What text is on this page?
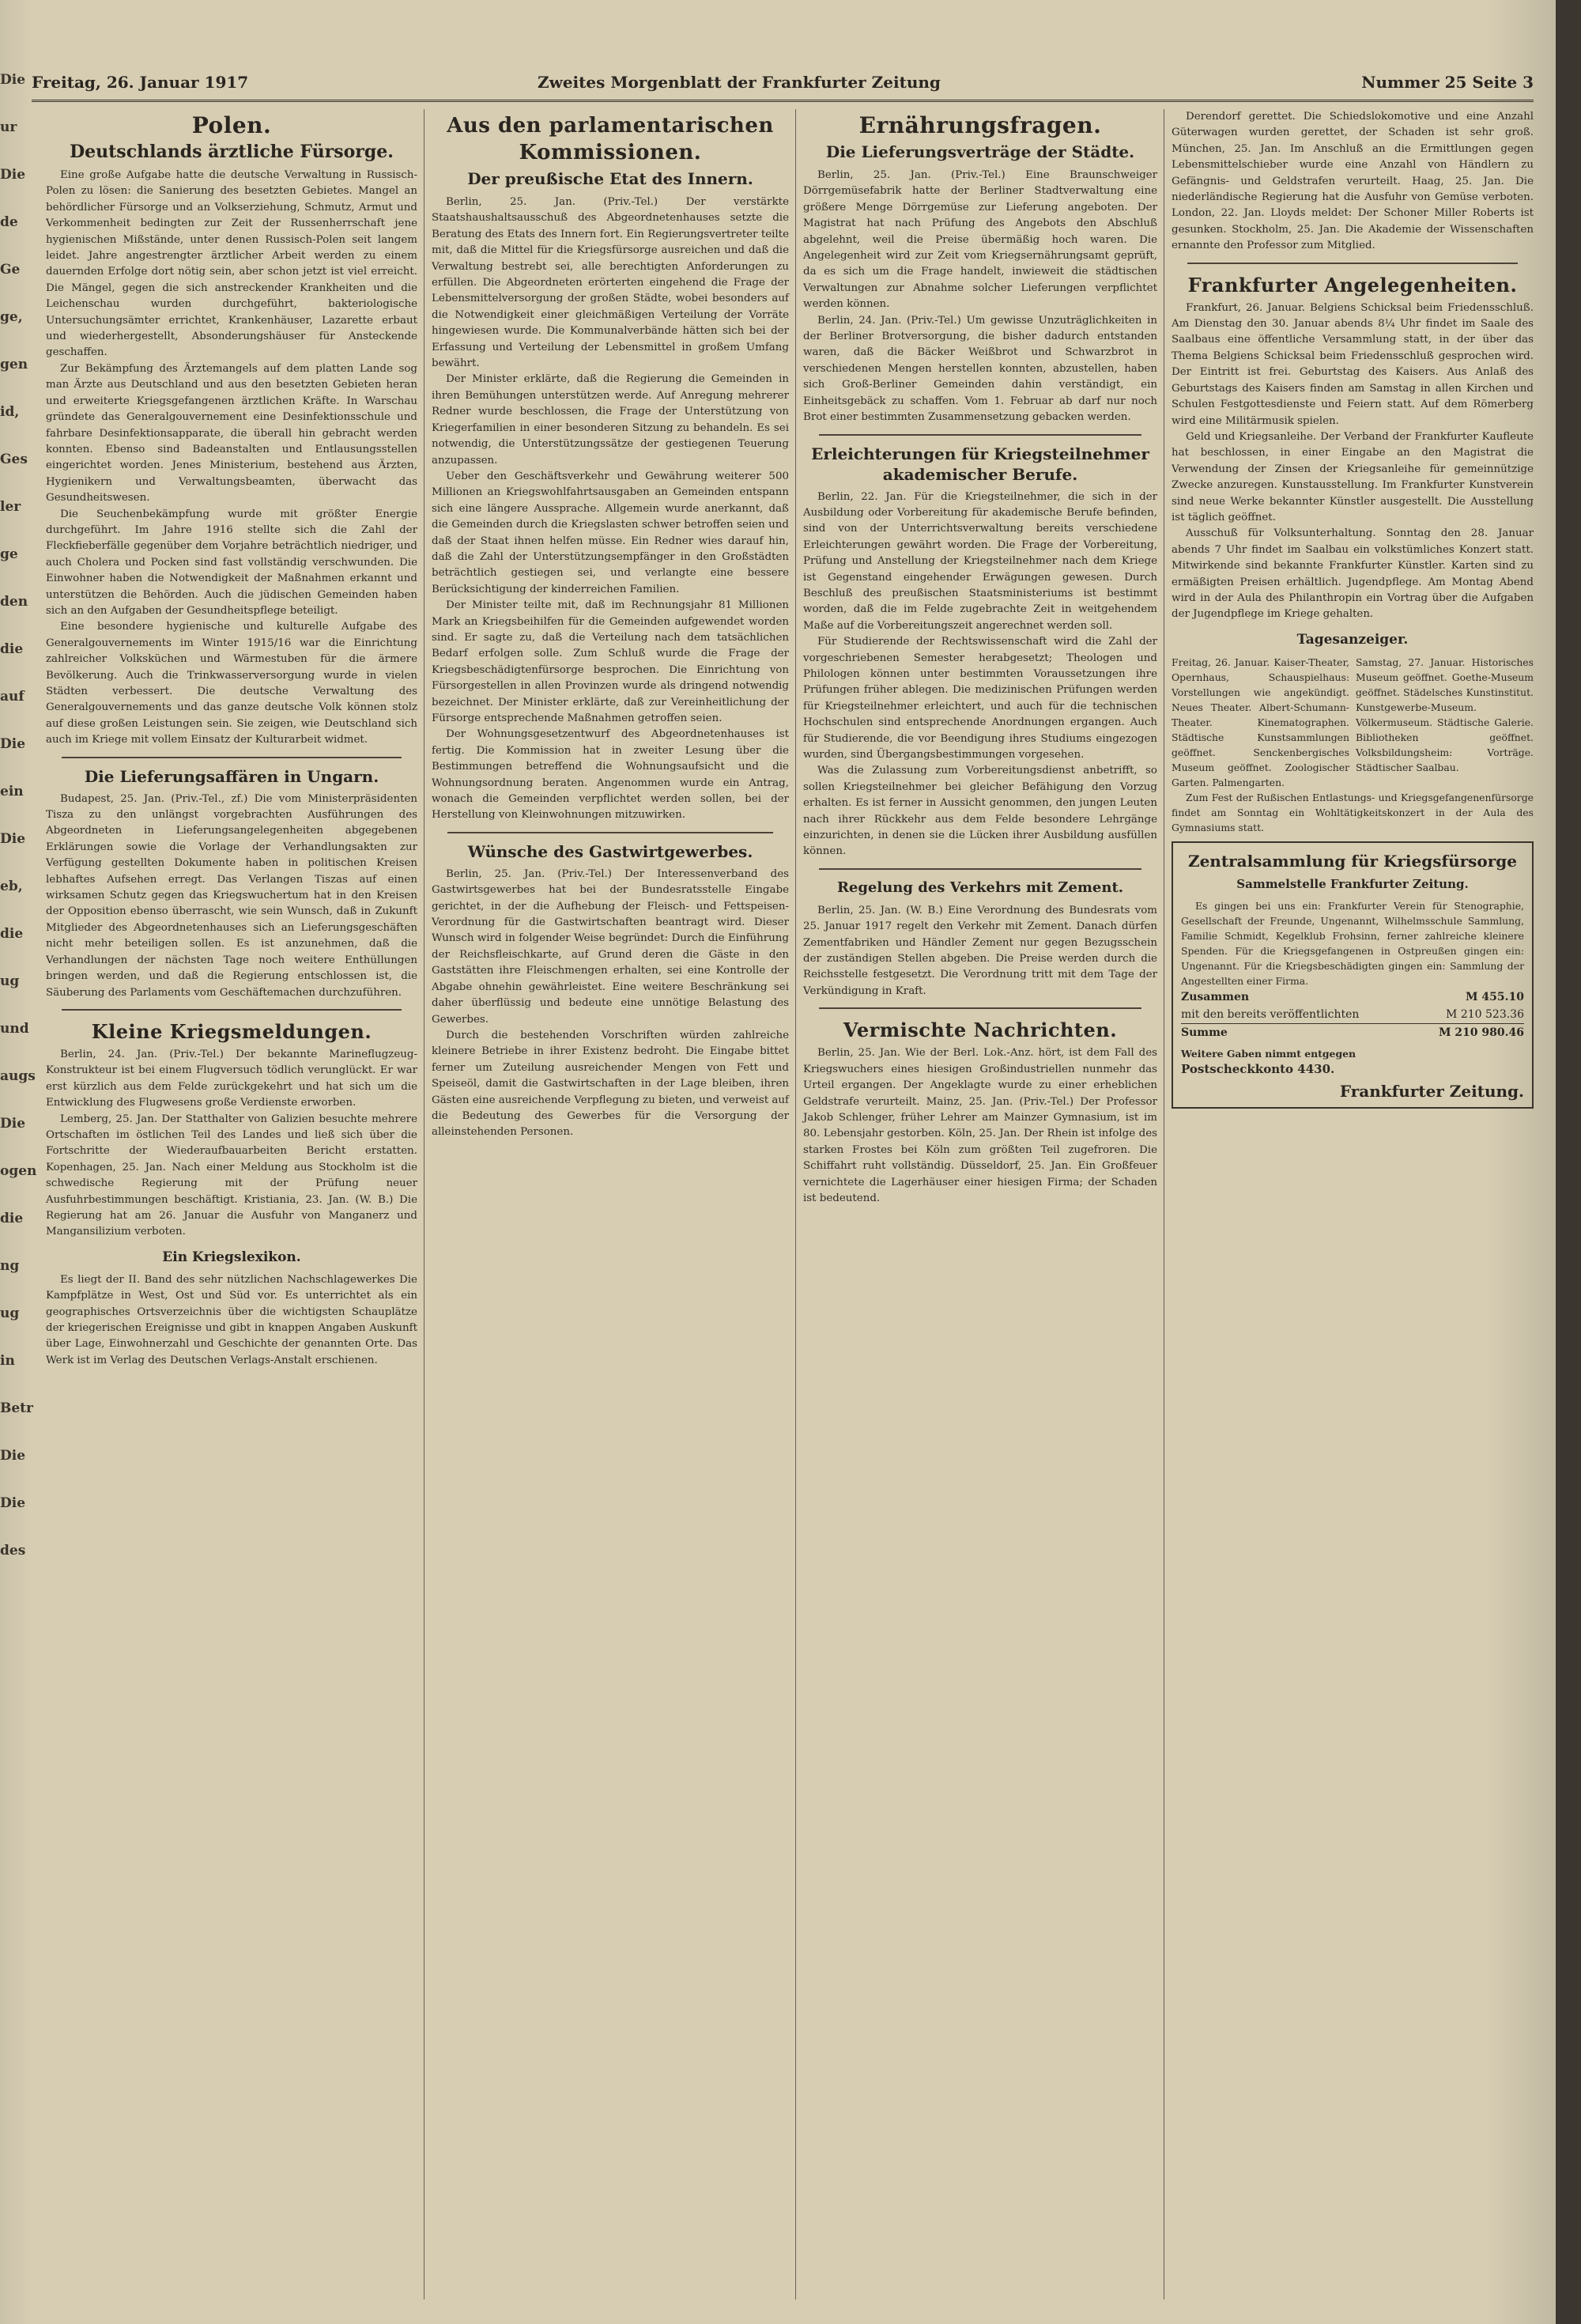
Die
ur
Die
de
Ge
ge,
gen
id,
Ges
ler
ge
den
die
auf
Die
ein
Die
eb,
die
ug
und
augs
Die
ogen
die
ng
ug
in
Betr
Die
Die
des
Freitag, 26. Januar 1917	Zweites Morgenblatt der Frankfurter Zeitung	Nummer 25 Seite 3
Polen.
Deutschlands ärztliche Fürsorge.

Eine große Aufgabe hatte die deutsche Verwaltung in Russisch-Polen zu lösen: die Sanierung des besetzten Gebietes. Mangel an behördlicher Fürsorge und an Volkserziehung, Schmutz, Armut und Verkommenheit bedingten zur Zeit der Russenherrschaft jene hygienischen Mißstände, unter denen Russisch-Polen seit langem leidet. Jahre angestrengter ärztlicher Arbeit werden zu einem dauernden Erfolge dort nötig sein, aber schon jetzt ist viel erreicht. Die Mängel, gegen die sich anstreckender Krankheiten und die Leichenschau wurden durchgeführt, bakteriologische Untersuchungsämter errichtet, Krankenhäuser, Lazarette erbaut und wiederhergestellt, Absonderungshäuser für Ansteckende geschaffen.

Zur Bekämpfung des Ärztemangels auf dem platten Lande sog man Ärzte aus Deutschland und aus den besetzten Gebieten heran und erweiterte Kriegsgefangenen ärztlichen Kräfte. In Warschau gründete das Generalgouvernement eine Desinfektionsschule und fahrbare Desinfektionsapparate, die überall hin gebracht werden konnten. Ebenso sind Badeanstalten und Entlausungsstellen eingerichtet worden. Jenes Ministerium, bestehend aus Ärzten, Hygienikern und Verwaltungsbeamten, überwacht das Gesundheitswesen.

Die Seuchenbekämpfung wurde mit größter Energie durchgeführt. Im Jahre 1916 stellte sich die Zahl der Fleckfieberfälle gegenüber dem Vorjahre beträchtlich niedriger, und auch Cholera und Pocken sind fast vollständig verschwunden. Die Einwohner haben die Notwendigkeit der Maßnahmen erkannt und unterstützen die Behörden. Auch die jüdischen Gemeinden haben sich an den Aufgaben der Gesundheitspflege beteiligt.

Eine besondere hygienische und kulturelle Aufgabe des Generalgouvernements im Winter 1915/16 war die Einrichtung zahlreicher Volksküchen und Wärmestuben für die ärmere Bevölkerung. Auch die Trinkwasserversorgung wurde in vielen Städten verbessert. Die deutsche Verwaltung des Generalgouvernements und das ganze deutsche Volk können stolz auf diese großen Leistungen sein. Sie zeigen, wie Deutschland sich auch im Kriege mit vollem Einsatz der Kulturarbeit widmet.

Die Lieferungsaffären in Ungarn.

Budapest, 25. Jan. (Priv.-Tel., zf.) Die vom Ministerpräsidenten Tisza zu den unlängst vorgebrachten Ausführungen des Abgeordneten in Lieferungsangelegenheiten abgegebenen Erklärungen sowie die Vorlage der Verhandlungsakten zur Verfügung gestellten Dokumente haben in politischen Kreisen lebhaftes Aufsehen erregt. Das Verlangen Tiszas auf einen wirksamen Schutz gegen das Kriegswuchertum hat in den Kreisen der Opposition ebenso überrascht, wie sein Wunsch, daß in Zukunft Mitglieder des Abgeordnetenhauses sich an Lieferungsgeschäften nicht mehr beteiligen sollen. Es ist anzunehmen, daß die Verhandlungen der nächsten Tage noch weitere Enthüllungen bringen werden, und daß die Regierung entschlossen ist, die Säuberung des Parlaments vom Geschäftemachen durchzuführen.

Kleine Kriegsmeldungen.

Berlin, 24. Jan. (Priv.-Tel.) Der bekannte Marineflugzeug-Konstrukteur ist bei einem Flugversuch tödlich verunglückt. Er war erst kürzlich aus dem Felde zurückgekehrt und hat sich um die Entwicklung des Flugwesens große Verdienste erworben.

Lemberg, 25. Jan. Der Statthalter von Galizien besuchte mehrere Ortschaften im östlichen Teil des Landes und ließ sich über die Fortschritte der Wiederaufbauarbeiten Bericht erstatten. Kopenhagen, 25. Jan. Nach einer Meldung aus Stockholm ist die schwedische Regierung mit der Prüfung neuer Ausfuhrbestimmungen beschäftigt. Kristiania, 23. Jan. (W. B.) Die Regierung hat am 26. Januar die Ausfuhr von Manganerz und Mangansilizium verboten.

Ein Kriegslexikon.

Es liegt der II. Band des sehr nützlichen Nachschlagewerkes Die Kampfplätze in West, Ost und Süd vor. Es unterrichtet als ein geographisches Ortsverzeichnis über die wichtigsten Schauplätze der kriegerischen Ereignisse und gibt in knappen Angaben Auskunft über Lage, Einwohnerzahl und Geschichte der genannten Orte. Das Werk ist im Verlag des Deutschen Verlags-Anstalt erschienen.

Aus den parlamentarischen Kommissionen.
Der preußische Etat des Innern.

Berlin, 25. Jan. (Priv.-Tel.) Der verstärkte Staatshaushaltsausschuß des Abgeordnetenhauses setzte die Beratung des Etats des Innern fort. Ein Regierungsvertreter teilte mit, daß die Mittel für die Kriegsfürsorge ausreichen und daß die Verwaltung bestrebt sei, alle berechtigten Anforderungen zu erfüllen. Die Abgeordneten erörterten eingehend die Frage der Lebensmittelversorgung der großen Städte, wobei besonders auf die Notwendigkeit einer gleichmäßigen Verteilung der Vorräte hingewiesen wurde. Die Kommunalverbände hätten sich bei der Erfassung und Verteilung der Lebensmittel in großem Umfang bewährt.

Der Minister erklärte, daß die Regierung die Gemeinden in ihren Bemühungen unterstützen werde. Auf Anregung mehrerer Redner wurde beschlossen, die Frage der Unterstützung von Kriegerfamilien in einer besonderen Sitzung zu behandeln. Es sei notwendig, die Unterstützungssätze der gestiegenen Teuerung anzupassen.

Ueber den Geschäftsverkehr und Gewährung weiterer 500 Millionen an Kriegswohlfahrtsausgaben an Gemeinden entspann sich eine längere Aussprache. Allgemein wurde anerkannt, daß die Gemeinden durch die Kriegslasten schwer betroffen seien und daß der Staat ihnen helfen müsse. Ein Redner wies darauf hin, daß die Zahl der Unterstützungsempfänger in den Großstädten beträchtlich gestiegen sei, und verlangte eine bessere Berücksichtigung der kinderreichen Familien.

Der Minister teilte mit, daß im Rechnungsjahr 81 Millionen Mark an Kriegsbeihilfen für die Gemeinden aufgewendet worden sind. Er sagte zu, daß die Verteilung nach dem tatsächlichen Bedarf erfolgen solle. Zum Schluß wurde die Frage der Kriegsbeschädigtenfürsorge besprochen. Die Einrichtung von Fürsorgestellen in allen Provinzen wurde als dringend notwendig bezeichnet. Der Minister erklärte, daß zur Vereinheitlichung der Fürsorge entsprechende Maßnahmen getroffen seien.

Der Wohnungsgesetzentwurf des Abgeordnetenhauses ist fertig. Die Kommission hat in zweiter Lesung über die Bestimmungen betreffend die Wohnungsaufsicht und die Wohnungsordnung beraten. Angenommen wurde ein Antrag, wonach die Gemeinden verpflichtet werden sollen, bei der Herstellung von Kleinwohnungen mitzuwirken.

Wünsche des Gastwirtgewerbes.

Berlin, 25. Jan. (Priv.-Tel.) Der Interessenverband des Gastwirtsgewerbes hat bei der Bundesratsstelle Eingabe gerichtet, in der die Aufhebung der Fleisch- und Fettspeisen-Verordnung für die Gastwirtschaften beantragt wird. Dieser Wunsch wird in folgender Weise begründet: Durch die Einführung der Reichsfleischkarte, auf Grund deren die Gäste in den Gaststätten ihre Fleischmengen erhalten, sei eine Kontrolle der Abgabe ohnehin gewährleistet. Eine weitere Beschränkung sei daher überflüssig und bedeute eine unnötige Belastung des Gewerbes.

Durch die bestehenden Vorschriften würden zahlreiche kleinere Betriebe in ihrer Existenz bedroht. Die Eingabe bittet ferner um Zuteilung ausreichender Mengen von Fett und Speiseöl, damit die Gastwirtschaften in der Lage bleiben, ihren Gästen eine ausreichende Verpflegung zu bieten, und verweist auf die Bedeutung des Gewerbes für die Versorgung der alleinstehenden Personen.

Ernährungsfragen.
Die Lieferungsverträge der Städte.

Berlin, 25. Jan. (Priv.-Tel.) Eine Braunschweiger Dörrgemüsefabrik hatte der Berliner Stadtverwaltung eine größere Menge Dörrgemüse zur Lieferung angeboten. Der Magistrat hat nach Prüfung des Angebots den Abschluß abgelehnt, weil die Preise übermäßig hoch waren. Die Angelegenheit wird zur Zeit vom Kriegsernährungsamt geprüft, da es sich um die Frage handelt, inwieweit die städtischen Verwaltungen zur Abnahme solcher Lieferungen verpflichtet werden können.

Berlin, 24. Jan. (Priv.-Tel.) Um gewisse Unzuträglichkeiten in der Berliner Brotversorgung, die bisher dadurch entstanden waren, daß die Bäcker Weißbrot und Schwarzbrot in verschiedenen Mengen herstellen konnten, abzustellen, haben sich Groß-Berliner Gemeinden dahin verständigt, ein Einheitsgebäck zu schaffen. Vom 1. Februar ab darf nur noch Brot einer bestimmten Zusammensetzung gebacken werden.

Erleichterungen für Kriegsteilnehmer akademischer Berufe.

Berlin, 22. Jan. Für die Kriegsteilnehmer, die sich in der Ausbildung oder Vorbereitung für akademische Berufe befinden, sind von der Unterrichtsverwaltung bereits verschiedene Erleichterungen gewährt worden. Die Frage der Vorbereitung, Prüfung und Anstellung der Kriegsteilnehmer nach dem Kriege ist Gegenstand eingehender Erwägungen gewesen. Durch Beschluß des preußischen Staatsministeriums ist bestimmt worden, daß die im Felde zugebrachte Zeit in weitgehendem Maße auf die Vorbereitungszeit angerechnet werden soll.

Für Studierende der Rechtswissenschaft wird die Zahl der vorgeschriebenen Semester herabgesetzt; Theologen und Philologen können unter bestimmten Voraussetzungen ihre Prüfungen früher ablegen. Die medizinischen Prüfungen werden für Kriegsteilnehmer erleichtert, und auch für die technischen Hochschulen sind entsprechende Anordnungen ergangen. Auch für Studierende, die vor Beendigung ihres Studiums eingezogen wurden, sind Übergangsbestimmungen vorgesehen.

Was die Zulassung zum Vorbereitungsdienst anbetrifft, so sollen Kriegsteilnehmer bei gleicher Befähigung den Vorzug erhalten. Es ist ferner in Aussicht genommen, den jungen Leuten nach ihrer Rückkehr aus dem Felde besondere Lehrgänge einzurichten, in denen sie die Lücken ihrer Ausbildung ausfüllen können.

Regelung des Verkehrs mit Zement.

Berlin, 25. Jan. (W. B.) Eine Verordnung des Bundesrats vom 25. Januar 1917 regelt den Verkehr mit Zement. Danach dürfen Zementfabriken und Händler Zement nur gegen Bezugsschein der zuständigen Stellen abgeben. Die Preise werden durch die Reichsstelle festgesetzt. Die Verordnung tritt mit dem Tage der Verkündigung in Kraft.

Vermischte Nachrichten.

Berlin, 25. Jan. Wie der Berl. Lok.-Anz. hört, ist dem Fall des Kriegswuchers eines hiesigen Großindustriellen nunmehr das Urteil ergangen. Der Angeklagte wurde zu einer erheblichen Geldstrafe verurteilt. Mainz, 25. Jan. (Priv.-Tel.) Der Professor Jakob Schlenger, früher Lehrer am Mainzer Gymnasium, ist im 80. Lebensjahr gestorben. Köln, 25. Jan. Der Rhein ist infolge des starken Frostes bei Köln zum größten Teil zugefroren. Die Schiffahrt ruht vollständig. Düsseldorf, 25. Jan. Ein Großfeuer vernichtete die Lagerhäuser einer hiesigen Firma; der Schaden ist bedeutend.

Derendorf gerettet. Die Schiedslokomotive und eine Anzahl Güterwagen wurden gerettet, der Schaden ist sehr groß. München, 25. Jan. Im Anschluß an die Ermittlungen gegen Lebensmittelschieber wurde eine Anzahl von Händlern zu Gefängnis- und Geldstrafen verurteilt. Haag, 25. Jan. Die niederländische Regierung hat die Ausfuhr von Gemüse verboten. London, 22. Jan. Lloyds meldet: Der Schoner Miller Roberts ist gesunken. Stockholm, 25. Jan. Die Akademie der Wissenschaften ernannte den Professor zum Mitglied.

Frankfurter Angelegenheiten.

Frankfurt, 26. Januar. Belgiens Schicksal beim Friedensschluß. Am Dienstag den 30. Januar abends 8¼ Uhr findet im Saale des Saalbaus eine öffentliche Versammlung statt, in der über das Thema Belgiens Schicksal beim Friedensschluß gesprochen wird. Der Eintritt ist frei. Geburtstag des Kaisers. Aus Anlaß des Geburtstags des Kaisers finden am Samstag in allen Kirchen und Schulen Festgottesdienste und Feiern statt. Auf dem Römerberg wird eine Militärmusik spielen.

Geld und Kriegsanleihe. Der Verband der Frankfurter Kaufleute hat beschlossen, in einer Eingabe an den Magistrat die Verwendung der Zinsen der Kriegsanleihe für gemeinnützige Zwecke anzuregen. Kunstausstellung. Im Frankfurter Kunstverein sind neue Werke bekannter Künstler ausgestellt. Die Ausstellung ist täglich geöffnet.

Ausschuß für Volksunterhaltung. Sonntag den 28. Januar abends 7 Uhr findet im Saalbau ein volkstümliches Konzert statt. Mitwirkende sind bekannte Frankfurter Künstler. Karten sind zu ermäßigten Preisen erhältlich. Jugendpflege. Am Montag Abend wird in der Aula des Philanthropin ein Vortrag über die Aufgaben der Jugendpflege im Kriege gehalten.

Tagesanzeiger.

Freitag, 26. Januar. Kaiser-Theater, Opernhaus, Schauspielhaus: Vorstellungen wie angekündigt. Neues Theater. Albert-Schumann-Theater. Kinematographen. Städtische Kunstsammlungen geöffnet. Senckenbergisches Museum geöffnet. Zoologischer Garten. Palmengarten.

Samstag, 27. Januar. Historisches Museum geöffnet. Goethe-Museum geöffnet. Städelsches Kunstinstitut. Kunstgewerbe-Museum. Völkermuseum. Städtische Galerie. Bibliotheken geöffnet. Volksbildungsheim: Vorträge. Städtischer Saalbau.

Zum Fest der Rußischen Entlastungs- und Kriegsgefangenenfürsorge findet am Sonntag ein Wohltätigkeitskonzert in der Aula des Gymnasiums statt.

Zentralsammlung für Kriegsfürsorge
Sammelstelle Frankfurter Zeitung.

Es gingen bei uns ein: Frankfurter Verein für Stenographie, Gesellschaft der Freunde, Ungenannt, Wilhelmsschule Sammlung, Familie Schmidt, Kegelklub Frohsinn, ferner zahlreiche kleinere Spenden. Für die Kriegsgefangenen in Ostpreußen gingen ein: Ungenannt. Für die Kriegsbeschädigten gingen ein: Sammlung der Angestellten einer Firma.

Zusammen	M 455.10
mit den bereits veröffentlichten	M 210 523.36
Summe	M 210 980.46
Weitere Gaben nimmt entgegen
Postscheckkonto 4430.
Frankfurter Zeitung.
